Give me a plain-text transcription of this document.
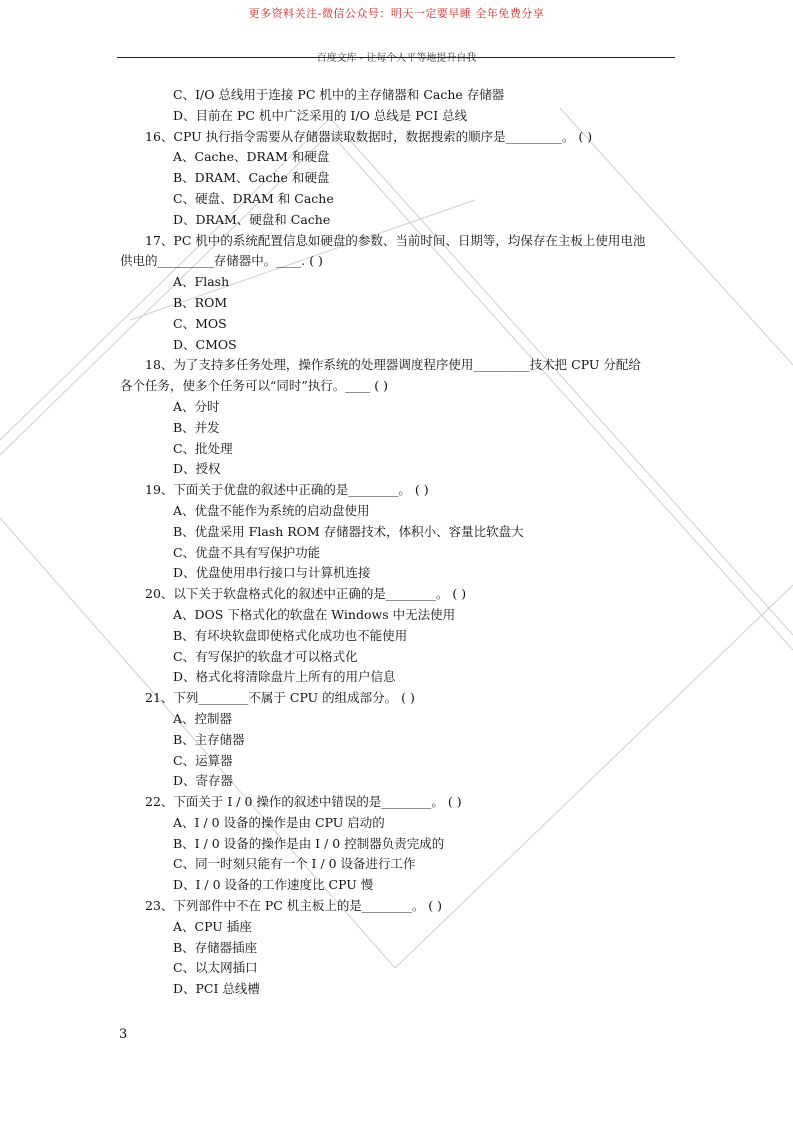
更多资料关注-微信公众号：明天一定要早睡 全年免费分享
百度文库 - 让每个人平等地提升自我
C、I/O 总线用于连接 PC 机中的主存储器和 Cache 存储器
D、目前在 PC 机中广泛采用的 I/O 总线是 PCI 总线
16、CPU 执行指令需要从存储器读取数据时，数据搜索的顺序是_________。 ( )
A、Cache、DRAM 和硬盘
B、DRAM、Cache 和硬盘
C、硬盘、DRAM 和 Cache
D、DRAM、硬盘和 Cache
17、PC 机中的系统配置信息如硬盘的参数、当前时间、日期等，均保存在主板上使用电池
供电的_________存储器中。____. ( )
A、Flash
B、ROM
C、MOS
D、CMOS
18、为了支持多任务处理，操作系统的处理器调度程序使用_________技术把 CPU 分配给
各个任务，使多个任务可以“同时”执行。____ ( )
A、分时
B、并发
C、批处理
D、授权
19、下面关于优盘的叙述中正确的是________。 ( )
A、优盘不能作为系统的启动盘使用
B、优盘采用 Flash ROM 存储器技术，体积小、容量比软盘大
C、优盘不具有写保护功能
D、优盘使用串行接口与计算机连接
20、以下关于软盘格式化的叙述中正确的是________。 ( )
A、DOS 下格式化的软盘在 Windows 中无法使用
B、有坏块软盘即使格式化成功也不能使用
C、有写保护的软盘才可以格式化
D、格式化将清除盘片上所有的用户信息
21、下列________不属于 CPU 的组成部分。 ( )
A、控制器
B、主存储器
C、运算器
D、寄存器
22、下面关于 I / 0 操作的叙述中错误的是________。 ( )
A、I / 0 设备的操作是由 CPU 启动的
B、I / 0 设备的操作是由 I / 0 控制器负责完成的
C、同一时刻只能有一个 I / 0 设备进行工作
D、I / 0 设备的工作速度比 CPU 慢
23、下列部件中不在 PC 机主板上的是________。 ( )
A、CPU 插座
B、存储器插座
C、以太网插口
D、PCI 总线槽
3
